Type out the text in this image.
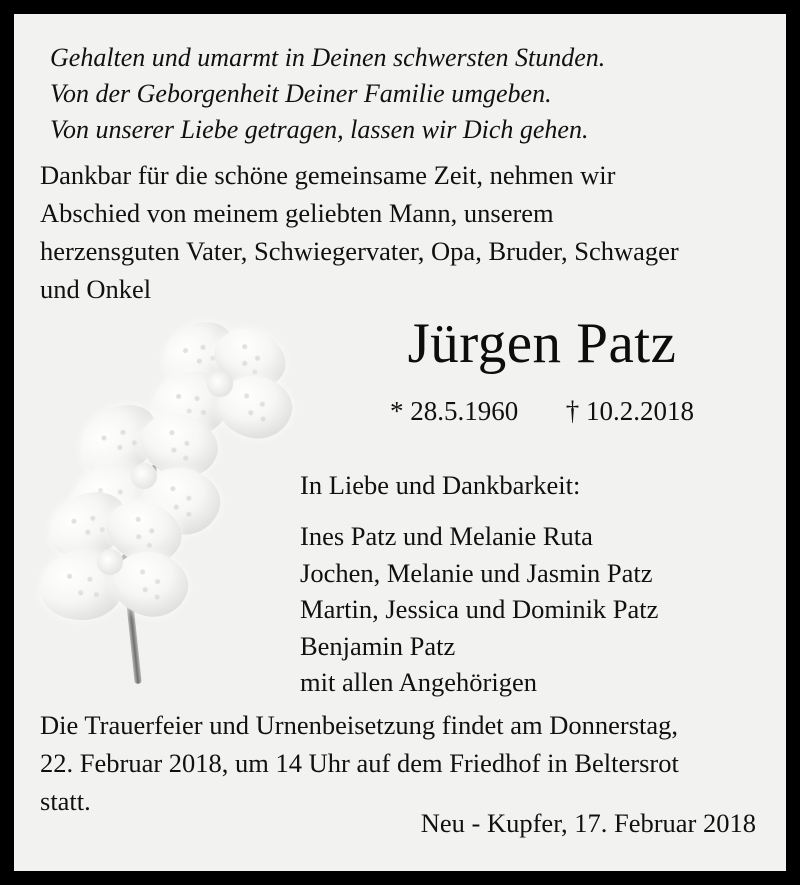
Gehalten und umarmt in Deinen schwersten Stunden.
Von der Geborgenheit Deiner Familie umgeben.
Von unserer Liebe getragen, lassen wir Dich gehen.
Dankbar für die schöne gemeinsame Zeit, nehmen wir
Abschied von meinem geliebten Mann, unserem
herzensguten Vater, Schwiegervater, Opa, Bruder, Schwager
und Onkel
Jürgen Patz
* 28.5.1960 † 10.2.2018
In Liebe und Dankbarkeit:
Ines Patz und Melanie Ruta
Jochen, Melanie und Jasmin Patz
Martin, Jessica und Dominik Patz
Benjamin Patz
mit allen Angehörigen
Die Trauerfeier und Urnenbeisetzung findet am Donnerstag,
22. Februar 2018, um 14 Uhr auf dem Friedhof in Beltersrot
statt.
Neu - Kupfer, 17. Februar 2018
